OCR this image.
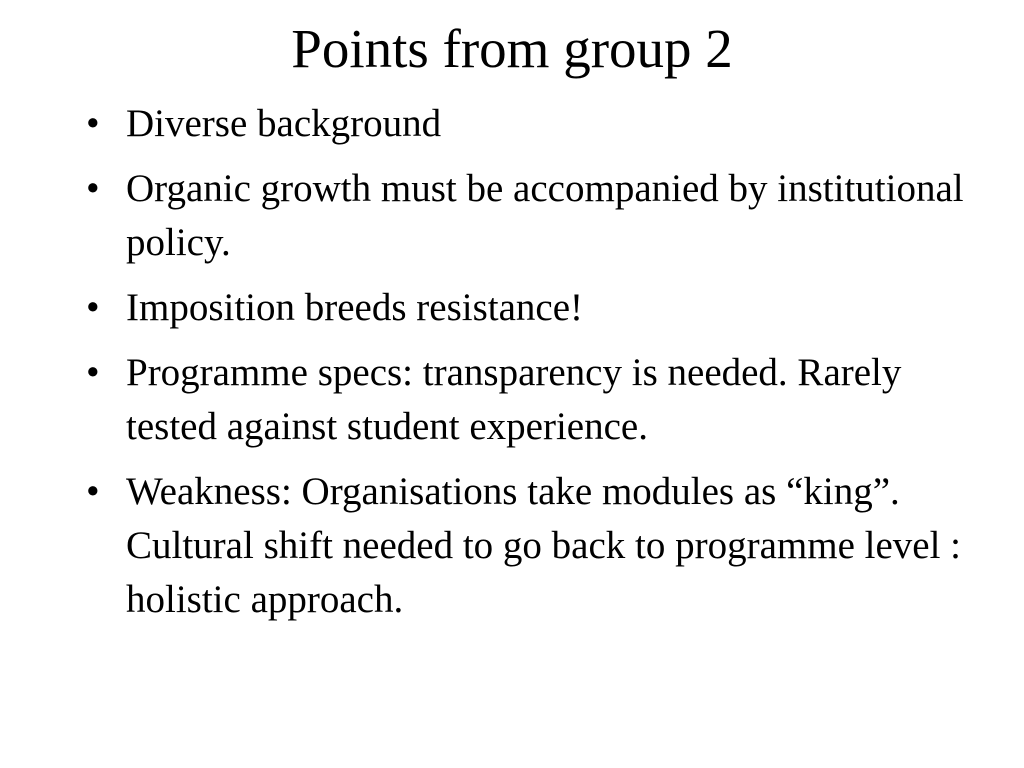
Points from group 2
• Diverse background
• Organic growth must be accompanied by institutional policy.
• Imposition breeds resistance!
• Programme specs: transparency is needed. Rarely tested against student experience.
• Weakness: Organisations take modules as “king”. Cultural shift needed to go back to programme level : holistic approach.
